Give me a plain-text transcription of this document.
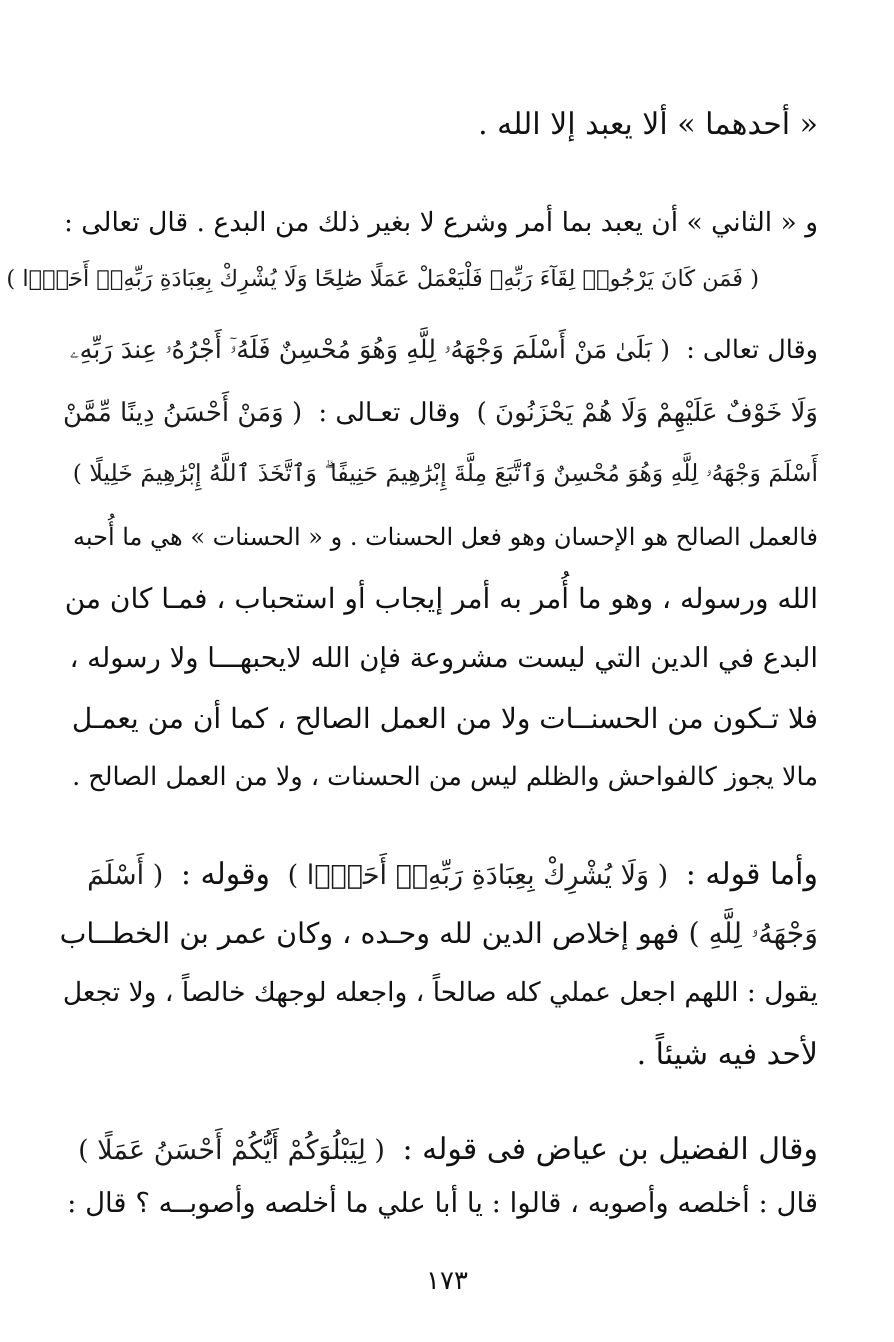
« أحدهما » ألا يعبد إلا الله .
و « الثاني » أن يعبد بما أمر وشرع لا بغير ذلك من البدع . قال تعالى :
( فَمَن كَانَ يَرْجُوا۟ لِقَآءَ رَبِّهِۦ فَلْيَعْمَلْ عَمَلًا صَٰلِحًا وَلَا يُشْرِكْ بِعِبَادَةِ رَبِّهِۦٓ أَحَدًۢا )
وقال تعالى : ( بَلَىٰ مَنْ أَسْلَمَ وَجْهَهُۥ لِلَّهِ وَهُوَ مُحْسِنٌ فَلَهُۥٓ أَجْرُهُۥ عِندَ رَبِّهِۦ
وَلَا خَوْفٌ عَلَيْهِمْ وَلَا هُمْ يَحْزَنُونَ ) وقال تعـالى : ( وَمَنْ أَحْسَنُ دِينًا مِّمَّنْ
أَسْلَمَ وَجْهَهُۥ لِلَّهِ وَهُوَ مُحْسِنٌ وَٱتَّبَعَ مِلَّةَ إِبْرَٰهِيمَ حَنِيفًا ۗ وَٱتَّخَذَ ٱللَّهُ إِبْرَٰهِيمَ خَلِيلًا )
فالعمل الصالح هو الإحسان وهو فعل الحسنات . و « الحسنات » هي ما أُحبه
الله ورسوله ، وهو ما أُمر به أمر إيجاب أو استحباب ، فمـا كان من
البدع في الدين التي ليست مشروعة فإن الله لايحبهـــا ولا رسوله ،
فلا تـكون من الحسنــات ولا من العمل الصالح ، كما أن من يعمـل
مالا يجوز كالفواحش والظلم ليس من الحسنات ، ولا من العمل الصالح .
وأما قوله : ( وَلَا يُشْرِكْ بِعِبَادَةِ رَبِّهِۦٓ أَحَدًۢا ) وقوله : ( أَسْلَمَ
وَجْهَهُۥ لِلَّهِ ) فهو إخلاص الدين لله وحـده ، وكان عمر بن الخطــاب
يقول : اللهم اجعل عملي كله صالحاً ، واجعله لوجهك خالصاً ، ولا تجعل
لأحد فيه شيئاً .
وقال الفضيل بن عياض فى قوله : ( لِيَبْلُوَكُمْ أَيُّكُمْ أَحْسَنُ عَمَلًا )
قال : أخلصه وأصوبه ، قالوا : يا أبا علي ما أخلصه وأصوبــه ؟ قال :
١٧٣
